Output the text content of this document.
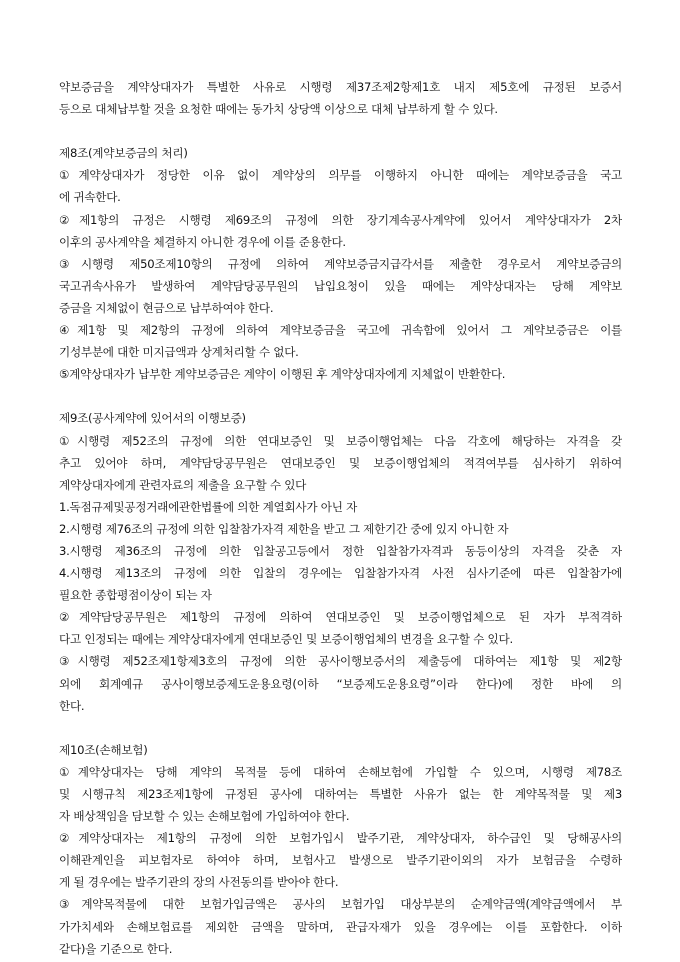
약보증금을 계약상대자가 특별한 사유로 시행령 제37조제2항제1호 내지 제5호에 규정된 보증서
등으로 대체납부할 것을 요청한 때에는 동가치 상당액 이상으로 대체 납부하게 할 수 있다.
제8조(계약보증금의 처리)
①계약상대자가 정당한 이유 없이 계약상의 의무를 이행하지 아니한 때에는 계약보증금을 국고
에 귀속한다.
②제1항의 규정은 시행령 제69조의 규정에 의한 장기계속공사계약에 있어서 계약상대자가 2차
이후의 공사계약을 체결하지 아니한 경우에 이를 준용한다.
③시행령 제50조제10항의 규정에 의하여 계약보증금지급각서를 제출한 경우로서 계약보증금의
국고귀속사유가 발생하여 계약담당공무원의 납입요청이 있을 때에는 계약상대자는 당해 계약보
증금을 지체없이 현금으로 납부하여야 한다.
④제1항 및 제2항의 규정에 의하여 계약보증금을 국고에 귀속함에 있어서 그 계약보증금은 이를
기성부분에 대한 미지급액과 상계처리할 수 없다.
⑤계약상대자가 납부한 계약보증금은 계약이 이행된 후 계약상대자에게 지체없이 반환한다.
제9조(공사계약에 있어서의 이행보증)
①시행령 제52조의 규정에 의한 연대보증인 및 보증이행업체는 다음 각호에 해당하는 자격을 갖
추고 있어야 하며, 계약담당공무원은 연대보증인 및 보증이행업체의 적격여부를 심사하기 위하여
계약상대자에게 관련자료의 제출을 요구할 수 있다
1.독점규제및공정거래에관한법률에 의한 계열회사가 아닌 자
2.시행령 제76조의 규정에 의한 입찰참가자격 제한을 받고 그 제한기간 중에 있지 아니한 자
3.시행령 제36조의 규정에 의한 입찰공고등에서 정한 입찰참가자격과 동등이상의 자격을 갖춘 자
4.시행령 제13조의 규정에 의한 입찰의 경우에는 입찰참가자격 사전 심사기준에 따른 입찰참가에
필요한 종합평점이상이 되는 자
②계약담당공무원은 제1항의 규정에 의하여 연대보증인 및 보증이행업체으로 된 자가 부적격하
다고 인정되는 때에는 계약상대자에게 연대보증인 및 보증이행업체의 변경을 요구할 수 있다.
③시행령 제52조제1항제3호의 규정에 의한 공사이행보증서의 제출등에 대하여는 제1항 및 제2항
외에 회계예규 공사이행보증제도운용요령(이하 “보증제도운용요령”이라 한다)에 정한 바에 의
한다.
제10조(손해보험)
①계약상대자는 당해 계약의 목적물 등에 대하여 손해보험에 가입할 수 있으며, 시행령 제78조
및 시행규칙 제23조제1항에 규정된 공사에 대하여는 특별한 사유가 없는 한 계약목적물 및 제3
자 배상책임을 담보할 수 있는 손해보험에 가입하여야 한다.
②계약상대자는 제1항의 규정에 의한 보험가입시 발주기관, 계약상대자, 하수급인 및 당해공사의
이해관계인을 피보험자로 하여야 하며, 보험사고 발생으로 발주기관이외의 자가 보험금을 수령하
게 될 경우에는 발주기관의 장의 사전동의를 받아야 한다.
③계약목적물에 대한 보험가입금액은 공사의 보험가입 대상부분의 순계약금액(계약금액에서 부
가가치세와 손해보험료를 제외한 금액을 말하며, 관급자재가 있을 경우에는 이를 포함한다. 이하
같다)을 기준으로 한다.
